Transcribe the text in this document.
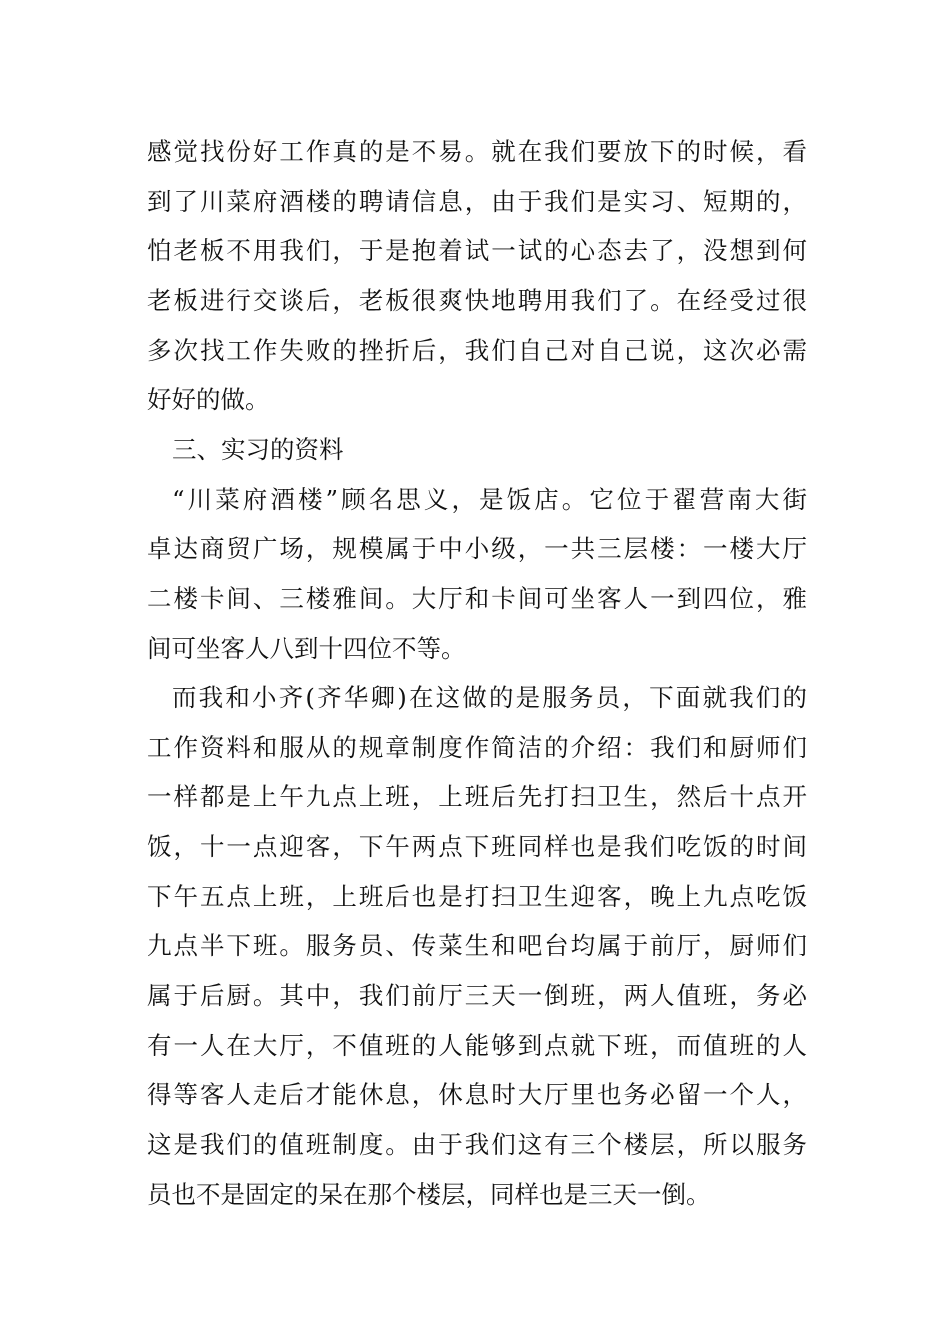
感觉找份好工作真的是不易。就在我们要放下的时候，看

到了川菜府酒楼的聘请信息，由于我们是实习、短期的，

怕老板不用我们，于是抱着试一试的心态去了，没想到何

老板进行交谈后，老板很爽快地聘用我们了。在经受过很

多次找工作失败的挫折后，我们自己对自己说，这次必需

好好的做。

三、实习的资料

“川菜府酒楼”顾名思义，是饭店。它位于翟营南大街

卓达商贸广场，规模属于中小级，一共三层楼：一楼大厅

二楼卡间、三楼雅间。大厅和卡间可坐客人一到四位，雅

间可坐客人八到十四位不等。

而我和小齐(齐华卿)在这做的是服务员，下面就我们的

工作资料和服从的规章制度作简洁的介绍：我们和厨师们

一样都是上午九点上班，上班后先打扫卫生，然后十点开

饭，十一点迎客，下午两点下班同样也是我们吃饭的时间

下午五点上班，上班后也是打扫卫生迎客，晚上九点吃饭

九点半下班。服务员、传菜生和吧台均属于前厅，厨师们

属于后厨。其中，我们前厅三天一倒班，两人值班，务必

有一人在大厅，不值班的人能够到点就下班，而值班的人

得等客人走后才能休息，休息时大厅里也务必留一个人，

这是我们的值班制度。由于我们这有三个楼层，所以服务

员也不是固定的呆在那个楼层，同样也是三天一倒。
